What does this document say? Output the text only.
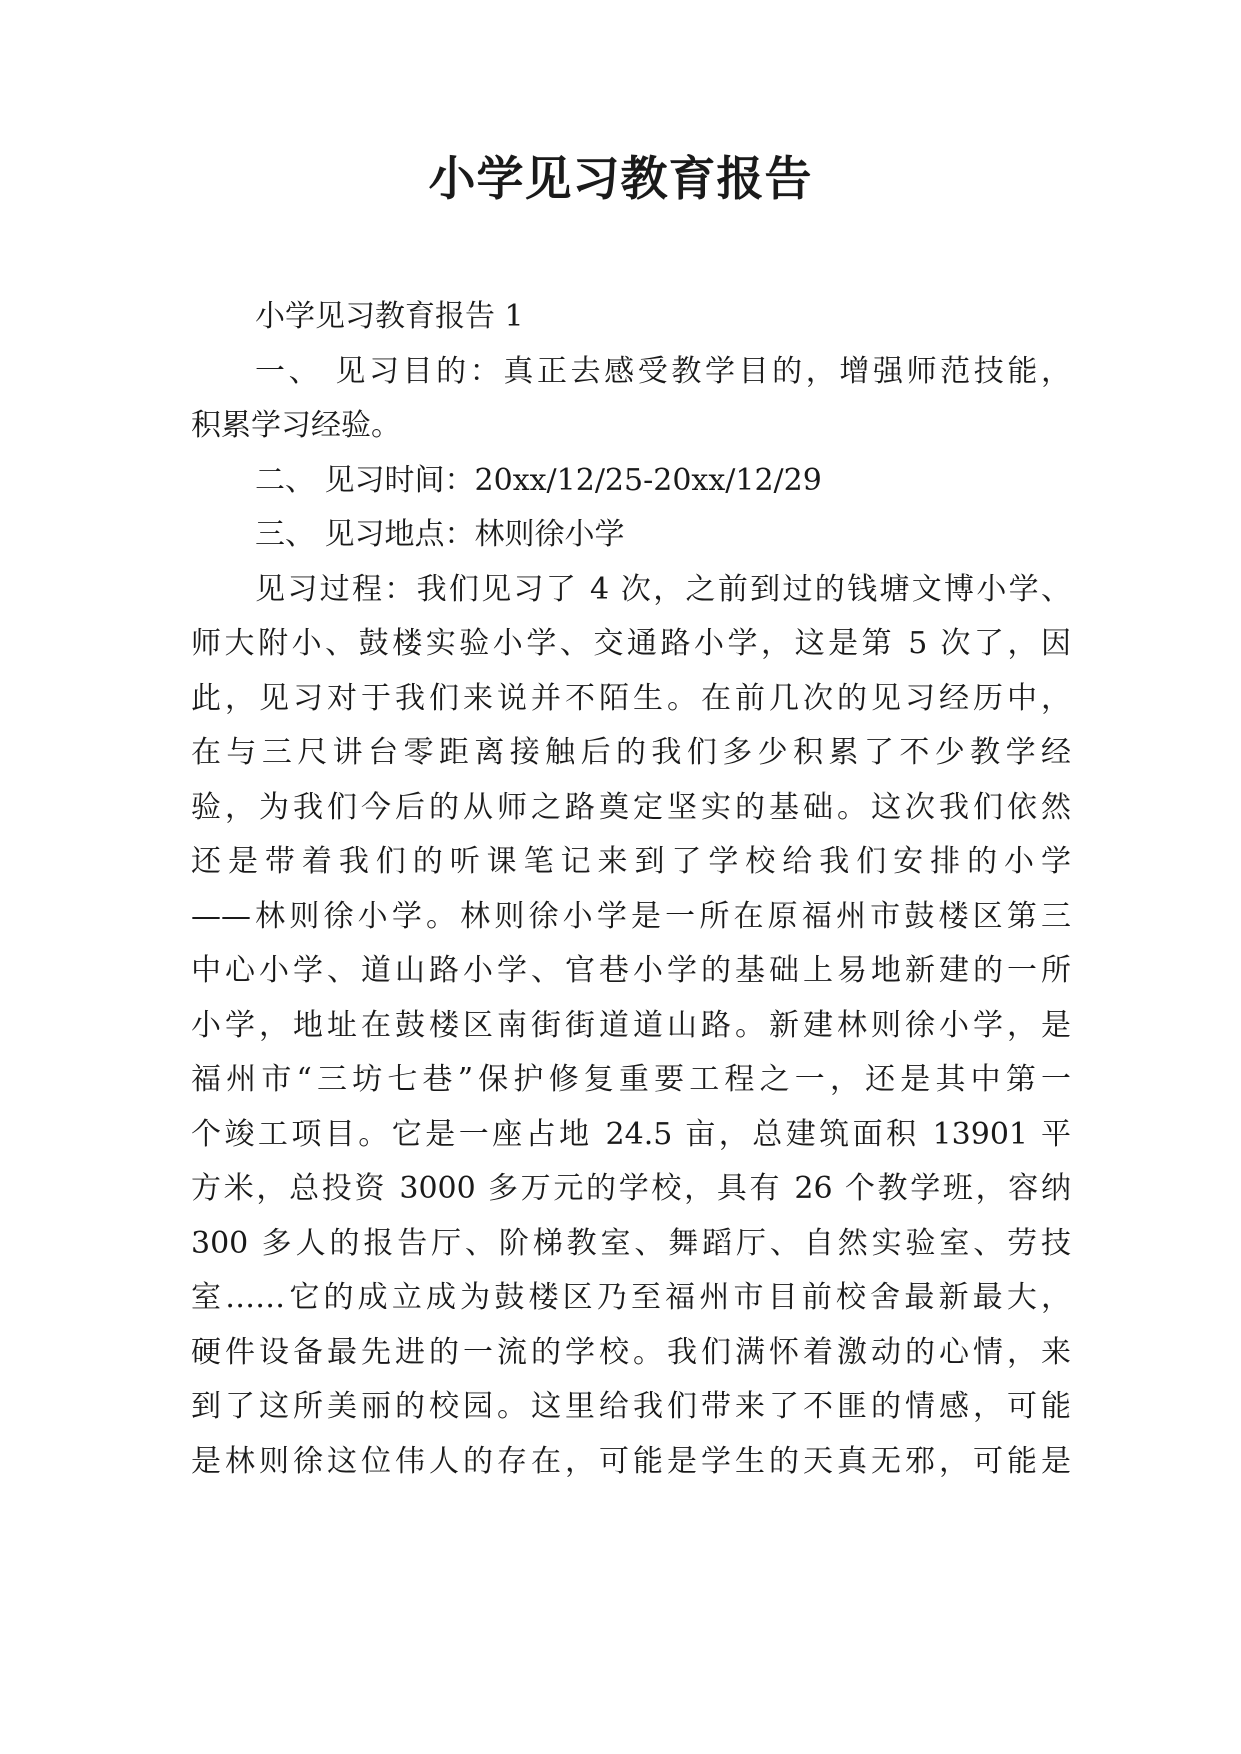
小学见习教育报告
小学见习教育报告 1
一、 见习目的：真正去感受教学目的，增强师范技能，
积累学习经验。
二、 见习时间：20xx/12/25-20xx/12/29
三、 见习地点：林则徐小学
见习过程：我们见习了 4 次，之前到过的钱塘文博小学、
师大附小、鼓楼实验小学、交通路小学，这是第 5 次了，因
此，见习对于我们来说并不陌生。在前几次的见习经历中，
在与三尺讲台零距离接触后的我们多少积累了不少教学经
验，为我们今后的从师之路奠定坚实的基础。这次我们依然
还是带着我们的听课笔记来到了学校给我们安排的小学
——林则徐小学。林则徐小学是一所在原福州市鼓楼区第三
中心小学、道山路小学、官巷小学的基础上易地新建的一所
小学，地址在鼓楼区南街街道道山路。新建林则徐小学，是
福州市“三坊七巷”保护修复重要工程之一，还是其中第一
个竣工项目。它是一座占地 24.5 亩，总建筑面积 13901 平
方米，总投资 3000 多万元的学校，具有 26 个教学班，容纳
300 多人的报告厅、阶梯教室、舞蹈厅、自然实验室、劳技
室……它的成立成为鼓楼区乃至福州市目前校舍最新最大，
硬件设备最先进的一流的学校。我们满怀着激动的心情，来
到了这所美丽的校园。这里给我们带来了不匪的情感，可能
是林则徐这位伟人的存在，可能是学生的天真无邪，可能是
